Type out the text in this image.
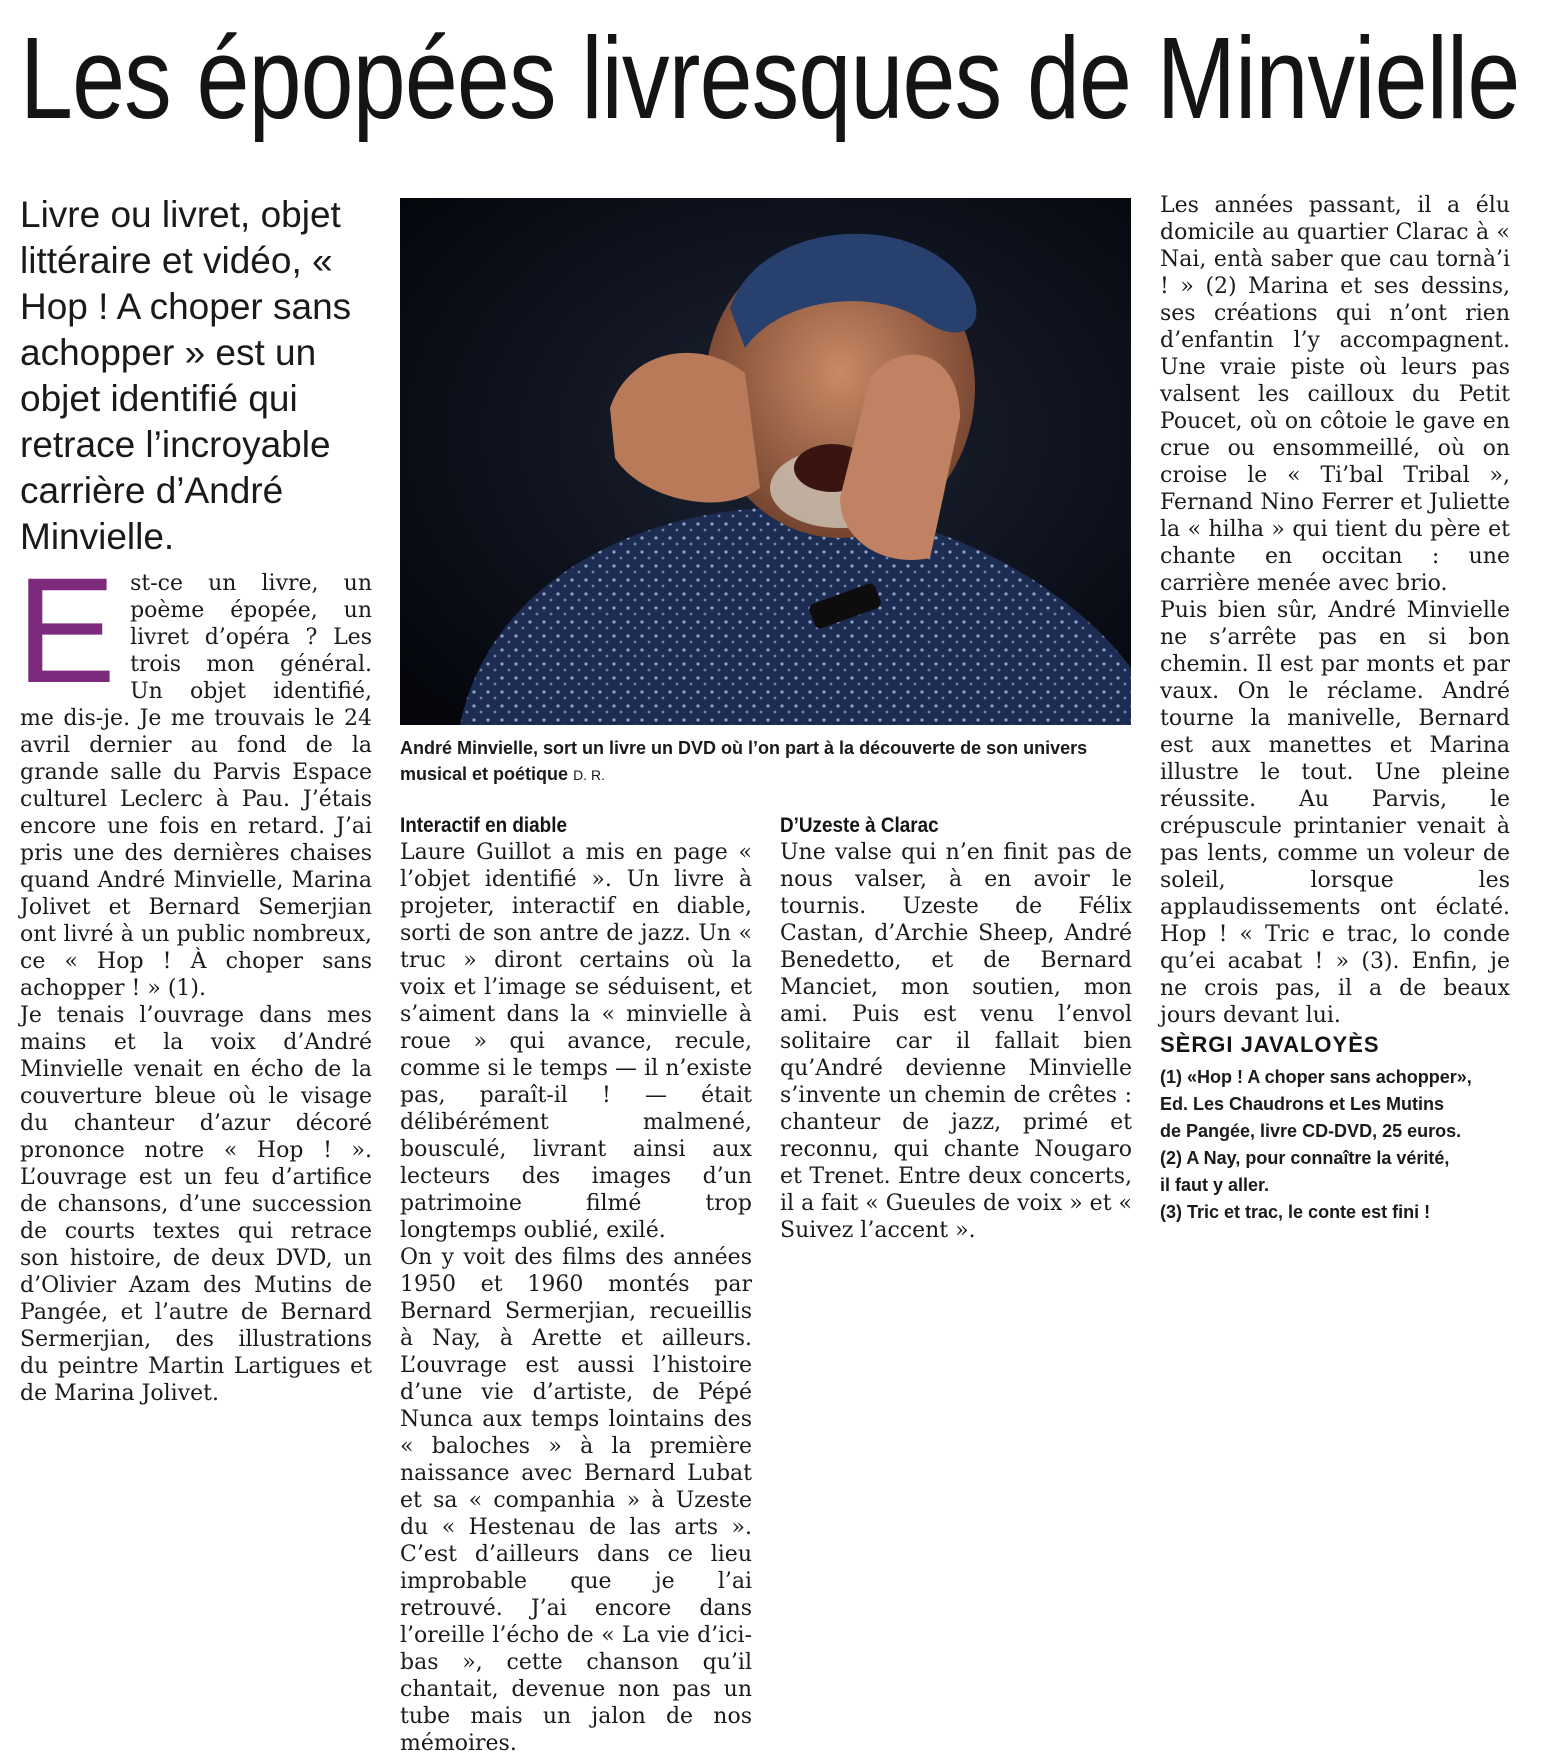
Les épopées livresques de Minvielle
Livre ou livret, objet littéraire et vidéo, « Hop ! A choper sans achopper » est un objet identifié qui retrace l’incroyable carrière d’André Minvielle.
André Minvielle, sort un livre un DVD où l’on part à la découverte de son univers musical et poétique D. R.
E st-ce un livre, un poème épopée, un livret d’opéra ? Les trois mon général. Un objet identifié, me dis-je. Je me trouvais le 24 avril dernier au fond de la grande salle du Parvis Espace culturel Leclerc à Pau. J’étais encore une fois en retard. J’ai pris une des dernières chaises quand André Minvielle, Marina Jolivet et Bernard Semerjian ont livré à un public nombreux, ce « Hop ! À choper sans achopper ! » (1).

Je tenais l’ouvrage dans mes mains et la voix d’André Minvielle venait en écho de la couverture bleue où le visage du chanteur d’azur décoré prononce notre « Hop ! ». L’ouvrage est un feu d’artifice de chansons, d’une succession de courts textes qui retrace son histoire, de deux DVD, un d’Olivier Azam des Mutins de Pangée, et l’autre de Bernard Sermerjian, des illustrations du peintre Martin Lartigues et de Marina Jolivet.

Interactif en diable

Laure Guillot a mis en page « l’objet identifié ». Un livre à projeter, interactif en diable, sorti de son antre de jazz. Un « truc » diront certains où la voix et l’image se séduisent, et s’aiment dans la « minvielle à roue » qui avance, recule, comme si le temps — il n’existe pas, paraît-il ! — était délibérément malmené, bousculé, livrant ainsi aux lecteurs des images d’un patrimoine filmé trop longtemps oublié, exilé.

On y voit des films des années 1950 et 1960 montés par Bernard Sermerjian, recueillis à Nay, à Arette et ailleurs. L’ouvrage est aussi l’histoire d’une vie d’artiste, de Pépé Nunca aux temps lointains des « baloches » à la première naissance avec Bernard Lubat et sa « companhia » à Uzeste du « Hestenau de las arts ». C’est d’ailleurs dans ce lieu improbable que je l’ai retrouvé. J’ai encore dans l’oreille l’écho de « La vie d’ici-bas », cette chanson qu’il chantait, devenue non pas un tube mais un jalon de nos mémoires.

D’Uzeste à Clarac

Une valse qui n’en finit pas de nous valser, à en avoir le tournis. Uzeste de Félix Castan, d’Archie Sheep, André Benedetto, et de Bernard Manciet, mon soutien, mon ami. Puis est venu l’envol solitaire car il fallait bien qu’André devienne Minvielle s’invente un chemin de crêtes : chanteur de jazz, primé et reconnu, qui chante Nougaro et Trenet. Entre deux concerts, il a fait « Gueules de voix » et « Suivez l’accent ».

Les années passant, il a élu domicile au quartier Clarac à « Nai, entà saber que cau tornà’i ! » (2) Marina et ses dessins, ses créations qui n’ont rien d’enfantin l’y accompagnent. Une vraie piste où leurs pas valsent les cailloux du Petit Poucet, où on côtoie le gave en crue ou ensommeillé, où on croise le « Ti’bal Tribal », Fernand Nino Ferrer et Juliette la « hilha » qui tient du père et chante en occitan : une carrière menée avec brio.

Puis bien sûr, André Minvielle ne s’arrête pas en si bon chemin. Il est par monts et par vaux. On le réclame. André tourne la manivelle, Bernard est aux manettes et Marina illustre le tout. Une pleine réussite. Au Parvis, le crépuscule printanier venait à pas lents, comme un voleur de soleil, lorsque les applaudissements ont éclaté. Hop ! « Tric e trac, lo conde qu’ei acabat ! » (3). Enfin, je ne crois pas, il a de beaux jours devant lui.

SÈRGI JAVALOYÈS
(1) «Hop ! A choper sans achopper»,
Ed. Les Chaudrons et Les Mutins
de Pangée, livre CD-DVD, 25 euros.
(2) A Nay, pour connaître la vérité,
il faut y aller.
(3) Tric et trac, le conte est fini !
